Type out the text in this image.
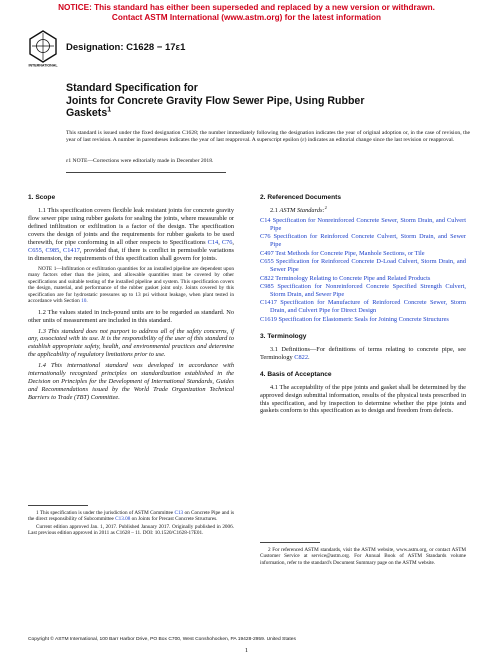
NOTICE: This standard has either been superseded and replaced by a new version or withdrawn.
Contact ASTM International (www.astm.org) for the latest information
INTERNATIONAL
Designation: C1628 − 17ε1
Standard Specification for
Joints for Concrete Gravity Flow Sewer Pipe, Using Rubber
Gaskets$^1$
This standard is issued under the fixed designation C1628; the number immediately following the designation indicates the year of original adoption or, in the case of revision, the year of last revision. A number in parentheses indicates the year of last reapproval. A superscript epsilon (ε) indicates an editorial change since the last revision or reapproval.
ε1 NOTE—Corrections were editorially made in December 2018.
1. Scope

1.1 This specification covers flexible leak resistant joints for concrete gravity flow sewer pipe using rubber gaskets for sealing the joints, where measurable or defined infiltration or exfiltration is a factor of the design. The specification covers the design of joints and the requirements for rubber gaskets to be used therewith, for pipe conforming in all other respects to Specifications C14, C76, C655, C985, C1417, provided that, if there is conflict in permissible variations in dimension, the requirements of this specification shall govern for joints.

NOTE 1—Infiltration or exfiltration quantities for an installed pipeline are dependent upon many factors other than the joints, and allowable quantities must be covered by other specifications and suitable testing of the installed pipeline and system. This specification covers the design, material, and performance of the rubber gasket joint only. Joints covered by this specification are for hydrostatic pressures up to 13 psi without leakage, when plant tested in accordance with Section 10.

1.2 The values stated in inch-pound units are to be regarded as standard. No other units of measurement are included in this standard.

1.3 This standard does not purport to address all of the safety concerns, if any, associated with its use. It is the responsibility of the user of this standard to establish appropriate safety, health, and environmental practices and determine the applicability of regulatory limitations prior to use.

1.4 This international standard was developed in accordance with internationally recognized principles on standardization established in the Decision on Principles for the Development of International Standards, Guides and Recommendations issued by the World Trade Organization Technical Barriers to Trade (TBT) Committee.

1 This specification is under the jurisdiction of ASTM Committee C13 on Concrete Pipe and is the direct responsibility of Subcommittee C13.08 on Joints for Precast Concrete Structures.

Current edition approved Jan. 1, 2017. Published January 2017. Originally published in 2006. Last previous edition approved in 2011 as C1628 – 11. DOI: 10.1520/C1628-17E01.

2. Referenced Documents
2.1 ASTM Standards:$^2$
C14 Specification for Nonreinforced Concrete Sewer, Storm Drain, and Culvert Pipe
C76 Specification for Reinforced Concrete Culvert, Storm Drain, and Sewer Pipe
C497 Test Methods for Concrete Pipe, Manhole Sections, or Tile
C655 Specification for Reinforced Concrete D-Load Culvert, Storm Drain, and Sewer Pipe
C822 Terminology Relating to Concrete Pipe and Related Products
C985 Specification for Nonreinforced Concrete Specified Strength Culvert, Storm Drain, and Sewer Pipe
C1417 Specification for Manufacture of Reinforced Concrete Sewer, Storm Drain, and Culvert Pipe for Direct Design
C1619 Specification for Elastomeric Seals for Joining Concrete Structures
3. Terminology

3.1 Definitions—For definitions of terms relating to concrete pipe, see Terminology C822.

4. Basis of Acceptance

4.1 The acceptability of the pipe joints and gasket shall be determined by the approved design submittal information, results of the physical tests prescribed in this specification, and by inspection to determine whether the pipe joints and gaskets conform to this specification as to design and freedom from defects.

2 For referenced ASTM standards, visit the ASTM website, www.astm.org, or contact ASTM Customer Service at service@astm.org. For Annual Book of ASTM Standards volume information, refer to the standard's Document Summary page on the ASTM website.

Copyright © ASTM International, 100 Barr Harbor Drive, PO Box C700, West Conshohocken, PA 19428-2959. United States
1
